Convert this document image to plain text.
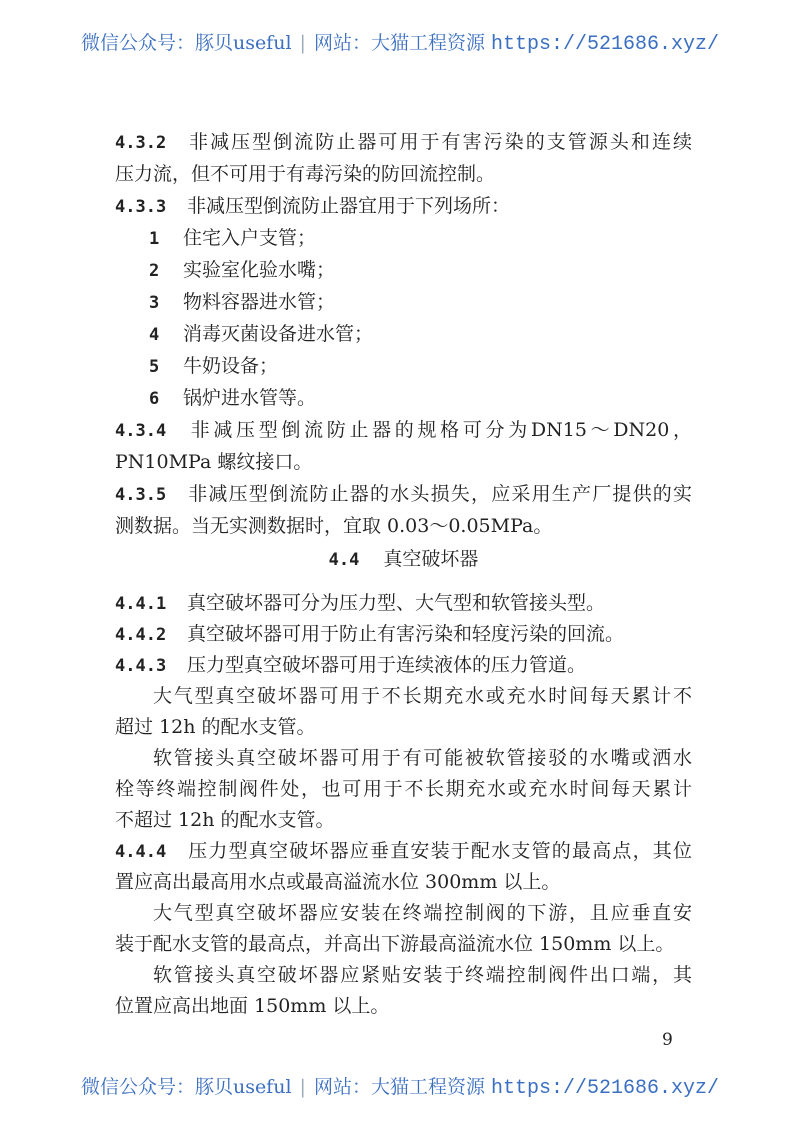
微信公众号：豚贝useful | 网站：大猫工程资源 https://521686.xyz/
4.3.2 非减压型倒流防止器可用于有害污染的支管源头和连续
压力流，但不可用于有毒污染的防回流控制。
4.3.3 非减压型倒流防止器宜用于下列场所：
1 住宅入户支管；
2 实验室化验水嘴；
3 物料容器进水管；
4 消毒灭菌设备进水管；
5 牛奶设备；
6 锅炉进水管等。
4.3.4 非减压型倒流防止器的规格可分为DN15～DN20，
PN10MPa 螺纹接口。
4.3.5 非减压型倒流防止器的水头损失，应采用生产厂提供的实
测数据。当无实测数据时，宜取 0.03～0.05MPa。
4.4 真空破坏器
4.4.1 真空破坏器可分为压力型、大气型和软管接头型。
4.4.2 真空破坏器可用于防止有害污染和轻度污染的回流。
4.4.3 压力型真空破坏器可用于连续液体的压力管道。
大气型真空破坏器可用于不长期充水或充水时间每天累计不
超过 12h 的配水支管。
软管接头真空破坏器可用于有可能被软管接驳的水嘴或洒水
栓等终端控制阀件处，也可用于不长期充水或充水时间每天累计
不超过 12h 的配水支管。
4.4.4 压力型真空破坏器应垂直安装于配水支管的最高点，其位
置应高出最高用水点或最高溢流水位 300mm 以上。
大气型真空破坏器应安装在终端控制阀的下游，且应垂直安
装于配水支管的最高点，并高出下游最高溢流水位 150mm 以上。
软管接头真空破坏器应紧贴安装于终端控制阀件出口端，其
位置应高出地面 150mm 以上。
9
微信公众号：豚贝useful | 网站：大猫工程资源 https://521686.xyz/
